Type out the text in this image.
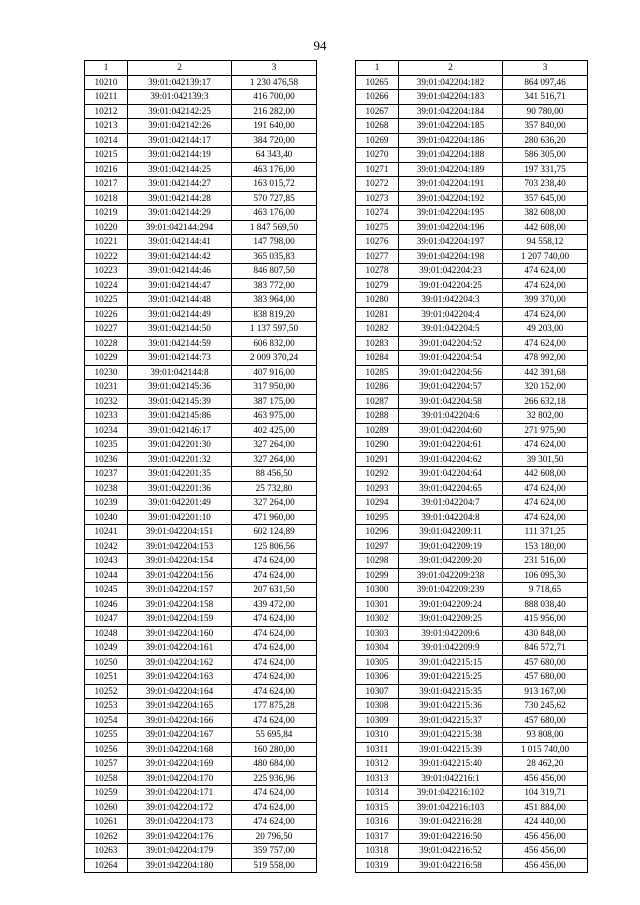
94
1	2	3
10210	39:01:042139:17	1 230 476,58
10211	39:01:042139:3	416 700,00
10212	39:01:042142:25	216 282,00
10213	39:01:042142:26	191 640,00
10214	39:01:042144:17	384 720,00
10215	39:01:042144:19	64 343,40
10216	39:01:042144:25	463 176,00
10217	39:01:042144:27	163 015,72
10218	39:01:042144:28	570 727,85
10219	39:01:042144:29	463 176,00
10220	39:01:042144:294	1 847 569,50
10221	39:01:042144:41	147 798,00
10222	39:01:042144:42	365 035,83
10223	39:01:042144:46	846 807,50
10224	39:01:042144:47	383 772,00
10225	39:01:042144:48	383 964,00
10226	39:01:042144:49	838 819,20
10227	39:01:042144:50	1 137 597,50
10228	39:01:042144:59	606 832,00
10229	39:01:042144:73	2 009 370,24
10230	39:01:042144:8	407 916,00
10231	39:01:042145:36	317 950,00
10232	39:01:042145:39	387 175,00
10233	39:01:042145:86	463 975,00
10234	39:01:042146:17	402 425,00
10235	39:01:042201:30	327 264,00
10236	39:01:042201:32	327 264,00
10237	39:01:042201:35	88 456,50
10238	39:01:042201:36	25 732,80
10239	39:01:042201:49	327 264,00
10240	39:01:042201:10	471 960,00
10241	39:01:042204:151	602 124,89
10242	39:01:042204:153	125 806,56
10243	39:01:042204:154	474 624,00
10244	39:01:042204:156	474 624,00
10245	39:01:042204:157	207 631,50
10246	39:01:042204:158	439 472,00
10247	39:01:042204:159	474 624,00
10248	39:01:042204:160	474 624,00
10249	39:01:042204:161	474 624,00
10250	39:01:042204:162	474 624,00
10251	39:01:042204:163	474 624,00
10252	39:01:042204:164	474 624,00
10253	39:01:042204:165	177 875,28
10254	39:01:042204:166	474 624,00
10255	39:01:042204:167	55 695,84
10256	39:01:042204:168	160 280,00
10257	39:01:042204:169	480 684,00
10258	39:01:042204:170	225 936,96
10259	39:01:042204:171	474 624,00
10260	39:01:042204:172	474 624,00
10261	39:01:042204:173	474 624,00
10262	39:01:042204:176	20 796,50
10263	39:01:042204:179	359 757,00
10264	39:01:042204:180	519 558,00
1	2	3
10265	39:01:042204:182	864 097,46
10266	39:01:042204:183	341 516,71
10267	39:01:042204:184	90 780,00
10268	39:01:042204:185	357 840,00
10269	39:01:042204:186	280 636,20
10270	39:01:042204:188	586 305,00
10271	39:01:042204:189	197 331,75
10272	39:01:042204:191	703 238,40
10273	39:01:042204:192	357 645,00
10274	39:01:042204:195	382 608,00
10275	39:01:042204:196	442 608,00
10276	39:01:042204:197	94 558,12
10277	39:01:042204:198	1 207 740,00
10278	39:01:042204:23	474 624,00
10279	39:01:042204:25	474 624,00
10280	39:01:042204:3	399 370,00
10281	39:01:042204:4	474 624,00
10282	39:01:042204:5	49 203,00
10283	39:01:042204:52	474 624,00
10284	39:01:042204:54	478 992,00
10285	39:01:042204:56	442 391,68
10286	39:01:042204:57	320 152,00
10287	39:01:042204:58	266 632,18
10288	39:01:042204:6	32 802,00
10289	39:01:042204:60	271 975,90
10290	39:01:042204:61	474 624,00
10291	39:01:042204:62	39 301,50
10292	39:01:042204:64	442 608,00
10293	39:01:042204:65	474 624,00
10294	39:01:042204:7	474 624,00
10295	39:01:042204:8	474 624,00
10296	39:01:042209:11	111 371,25
10297	39:01:042209:19	153 180,00
10298	39:01:042209:20	231 516,00
10299	39:01:042209:238	106 095,30
10300	39:01:042209:239	9 718,65
10301	39:01:042209:24	888 038,40
10302	39:01:042209:25	415 956,00
10303	39:01:042209:6	430 848,00
10304	39:01:042209:9	846 572,71
10305	39:01:042215:15	457 680,00
10306	39:01:042215:25	457 680,00
10307	39:01:042215:35	913 167,00
10308	39:01:042215:36	730 245,62
10309	39:01:042215:37	457 680,00
10310	39:01:042215:38	93 808,00
10311	39:01:042215:39	1 015 740,00
10312	39:01:042215:40	28 462,20
10313	39:01:042216:1	456 456,00
10314	39:01:042216:102	104 319,71
10315	39:01:042216:103	451 884,00
10316	39:01:042216:28	424 440,00
10317	39:01:042216:50	456 456,00
10318	39:01:042216:52	456 456,00
10319	39:01:042216:58	456 456,00
